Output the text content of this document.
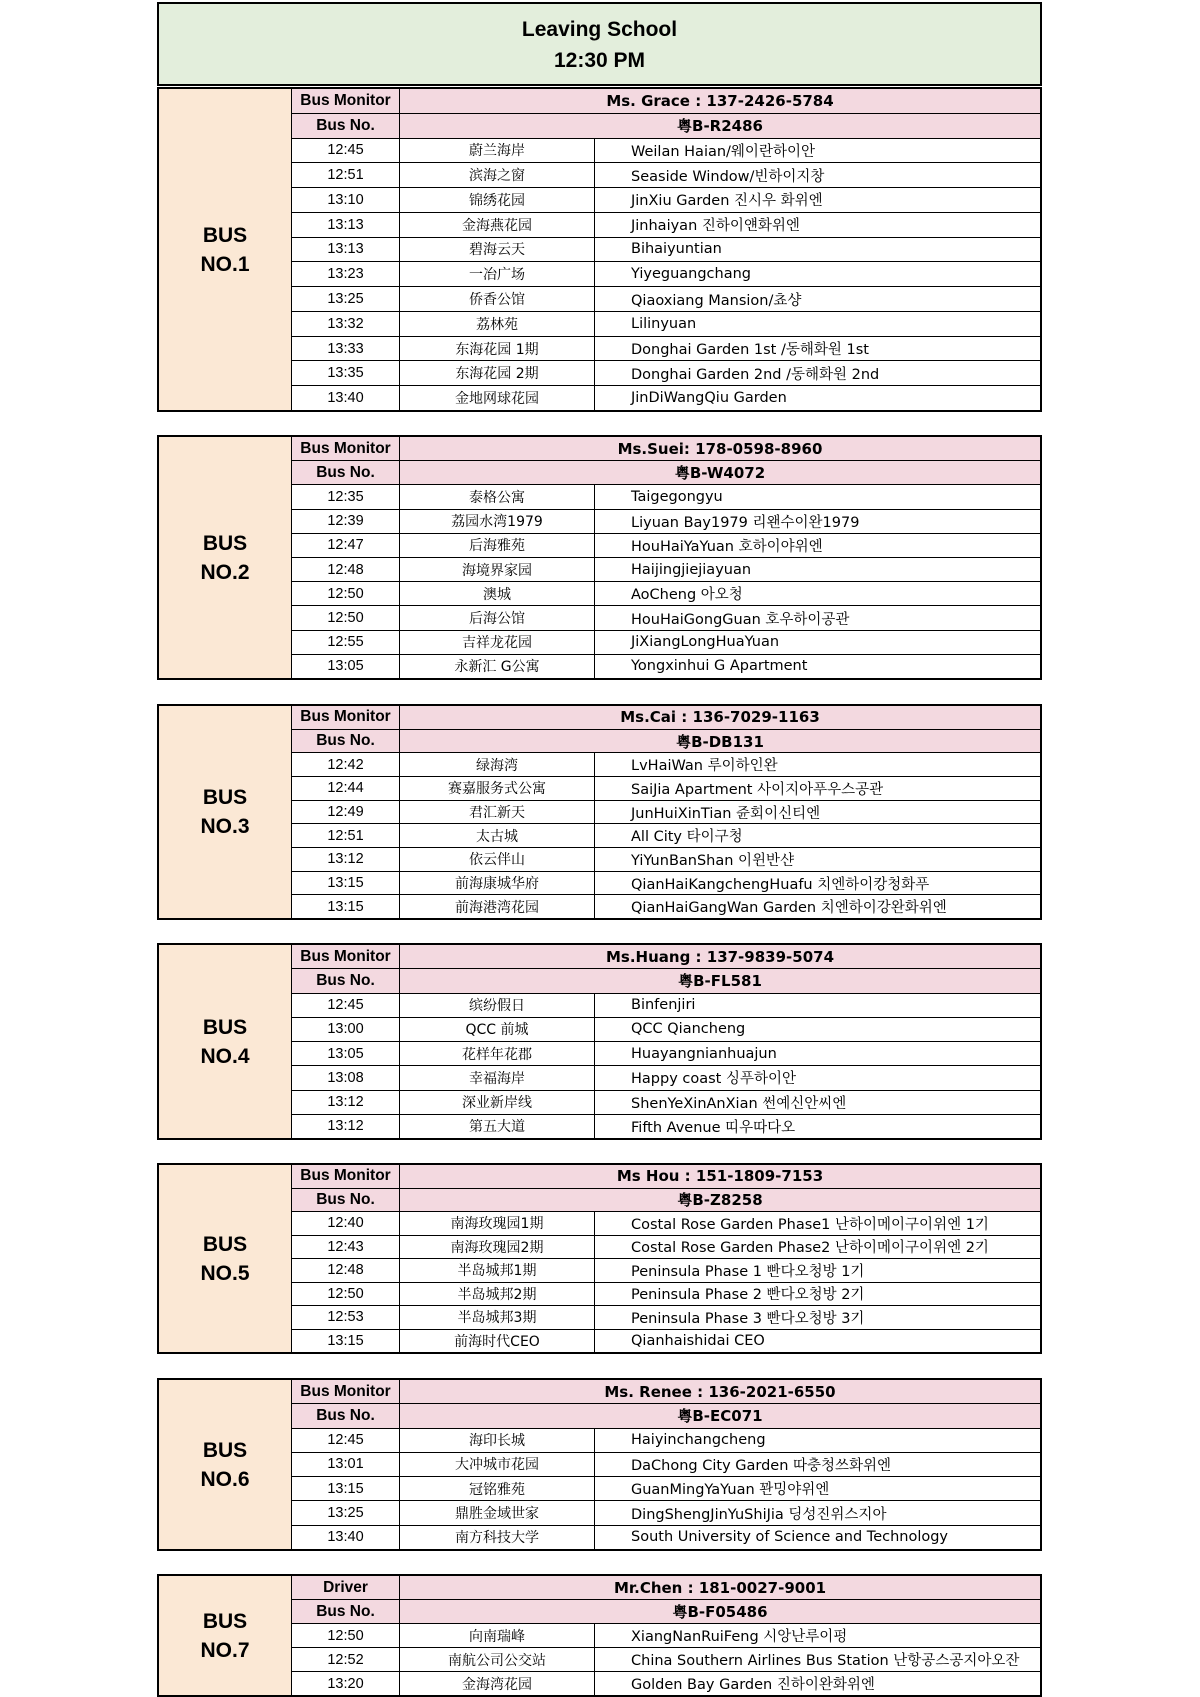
Leaving School
12:30 PM
BUS
NO.1
Bus Monitor	Ms. Grace : 137-2426-5784
Bus No.	粤B-R2486
12:45	蔚兰海岸	Weilan Haian/웨이란하이안
12:51	滨海之窗	Seaside Window/빈하이지창
13:10	锦绣花园	JinXiu Garden 진시우 화위엔
13:13	金海燕花园	Jinhaiyan 진하이얜화위엔
13:13	碧海云天	Bihaiyuntian
13:23	一冶广场	Yiyeguangchang
13:25	侨香公馆	Qiaoxiang Mansion/쵸샹
13:32	荔林苑	Lilinyuan
13:33	东海花园 1期	Donghai Garden 1st /동해화원 1st
13:35	东海花园 2期	Donghai Garden 2nd /동해화원 2nd
13:40	金地网球花园	JinDiWangQiu Garden
BUS
NO.2
Bus Monitor	Ms.Suei: 178-0598-8960
Bus No.	粤B-W4072
12:35	泰格公寓	Taigegongyu
12:39	荔园水湾1979	Liyuan Bay1979 리왠수이완1979
12:47	后海雅苑	HouHaiYaYuan 호하이야위엔
12:48	海境界家园	Haijingjiejiayuan
12:50	澳城	AoCheng 아오청
12:50	后海公馆	HouHaiGongGuan 호우하이공관
12:55	吉祥龙花园	JiXiangLongHuaYuan
13:05	永新汇 G公寓	Yongxinhui G Apartment
BUS
NO.3
Bus Monitor	Ms.Cai : 136-7029-1163
Bus No.	粤B-DB131
12:42	绿海湾	LvHaiWan 루이하인완
12:44	赛嘉服务式公寓	SaiJia Apartment 사이지아푸우스공관
12:49	君汇新天	JunHuiXinTian 쥰회이신티엔
12:51	太古城	All City 타이구청
13:12	依云伴山	YiYunBanShan 이윈반샨
13:15	前海康城华府	QianHaiKangchengHuafu 치엔하이캉청화푸
13:15	前海港湾花园	QianHaiGangWan Garden 치엔하이강완화위엔
BUS
NO.4
Bus Monitor	Ms.Huang : 137-9839-5074
Bus No.	粤B-FL581
12:45	缤纷假日	Binfenjiri
13:00	QCC 前城	QCC Qiancheng
13:05	花样年花郡	Huayangnianhuajun
13:08	幸福海岸	Happy coast 싱푸하이안
13:12	深业新岸线	ShenYeXinAnXian 썬예신안씨엔
13:12	第五大道	Fifth Avenue 띠우따다오
BUS
NO.5
Bus Monitor	Ms Hou : 151-1809-7153
Bus No.	粤B-Z8258
12:40	南海玫瑰园1期	Costal Rose Garden Phase1 난하이메이구이위엔 1기
12:43	南海玫瑰园2期	Costal Rose Garden Phase2 난하이메이구이위엔 2기
12:48	半岛城邦1期	Peninsula Phase 1 빤다오청방 1기
12:50	半岛城邦2期	Peninsula Phase 2 빤다오청방 2기
12:53	半岛城邦3期	Peninsula Phase 3 빤다오청방 3기
13:15	前海时代CEO	Qianhaishidai CEO
BUS
NO.6
Bus Monitor	Ms. Renee : 136-2021-6550
Bus No.	粤B-EC071
12:45	海印长城	Haiyinchangcheng
13:01	大冲城市花园	DaChong City Garden 따충청쓰화위엔
13:15	冠铭雅苑	GuanMingYaYuan 꽌밍야위엔
13:25	鼎胜金域世家	DingShengJinYuShiJia 딩성진위스지아
13:40	南方科技大学	South University of Science and Technology
BUS
NO.7
Driver	Mr.Chen : 181-0027-9001
Bus No.	粤B-F05486
12:50	向南瑞峰	XiangNanRuiFeng 시앙난루이펑
12:52	南航公司公交站	China Southern Airlines Bus Station 난항공스공지아오잔
13:20	金海湾花园	Golden Bay Garden 진하이완화위엔
